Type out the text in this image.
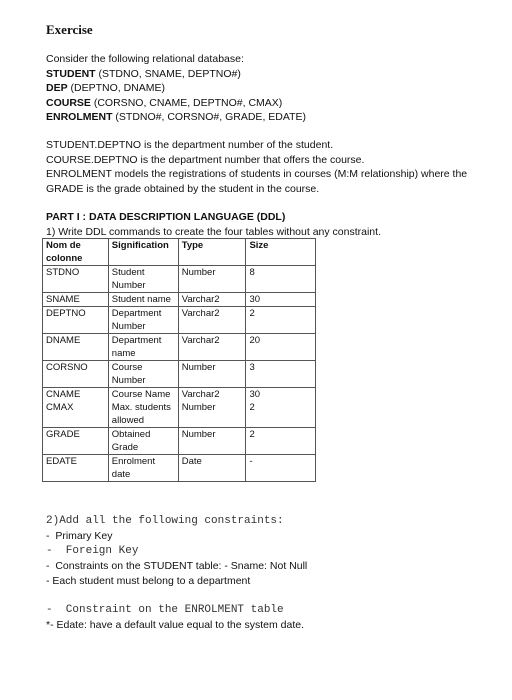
Exercise

Consider the following relational database:

STUDENT (STDNO, SNAME, DEPTNO#)

DEP (DEPTNO, DNAME)

COURSE (CORSNO, CNAME, DEPTNO#, CMAX)

ENROLMENT (STDNO#, CORSNO#, GRADE, EDATE)

STUDENT.DEPTNO is the department number of the student.

COURSE.DEPTNO is the department number that offers the course.

ENROLMENT models the registrations of students in courses (M:M relationship) where the GRADE is the grade obtained by the student in the course.

PART I : DATA DESCRIPTION LANGUAGE (DDL)

1) Write DDL commands to create the four tables without any constraint.

Nom de colonne	Signification	Type	Size
STDNO	Student Number	Number	8
SNAME	Student name	Varchar2	30
DEPTNO	Department Number	Varchar2	2
DNAME	Department name	Varchar2	20
CORSNO	Course Number	Number	3
CNAME	Course Name	Varchar2	30
CMAX	Max. students allowed	Number	2
GRADE	Obtained Grade	Number	2
EDATE	Enrolment date	Date	-
2)Add all the following constraints:
-  Primary Key
-  Foreign Key
-  Constraints on the STUDENT table: - Sname: Not Null
- Each student must belong to a department
-  Constraint on the ENROLMENT table
*- Edate: have a default value equal to the system date.
